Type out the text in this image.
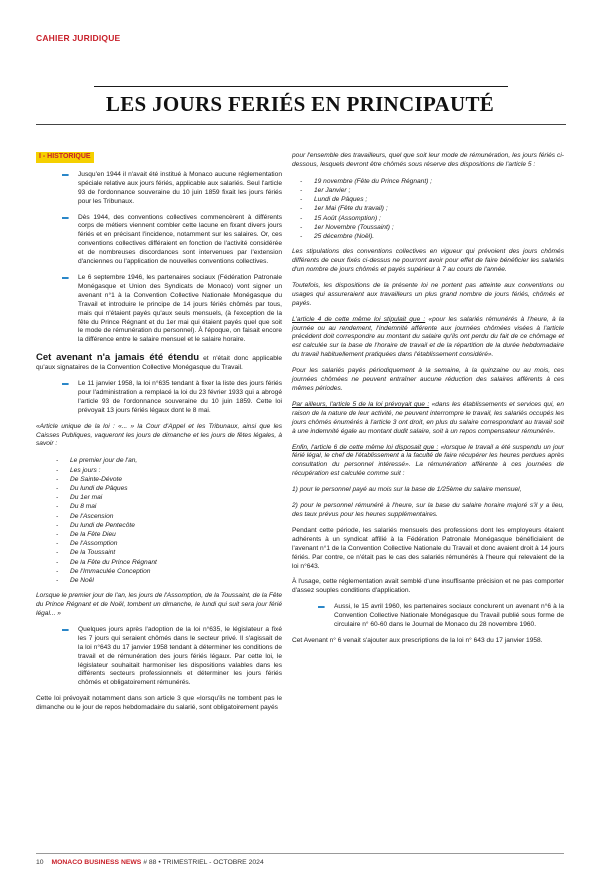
CAHIER JURIDIQUE
LES JOURS FERIÉS EN PRINCIPAUTÉ
I - HISTORIQUE
▬ Jusqu'en 1944 il n'avait été institué à Monaco aucune réglementation spéciale relative aux jours fériés, applicable aux salariés. Seul l'article 93 de l'ordonnance souveraine du 10 juin 1859 fixait les jours fériés pour les Tribunaux.
▬ Dès 1944, des conventions collectives commencèrent à différents corps de métiers viennent combler cette lacune en fixant divers jours fériés et en précisant l'incidence, notamment sur les salaires. Or, ces conventions collectives différaient en fonction de l'activité considérée et de nombreuses discordances sont intervenues par l'extension d'anciennes ou l'application de nouvelles conventions collectives.
▬ Le 6 septembre 1946, les partenaires sociaux (Fédération Patronale Monégasque et Union des Syndicats de Monaco) vont signer un avenant n°1 à la Convention Collective Nationale Monégasque du Travail et introduire le principe de 14 jours fériés chômés par tous, mais qui n'étaient payés qu'aux seuls mensuels, (à l'exception de la fête du Prince Régnant et du 1er mai qui étaient payés quel que soit le mode de rémunération du personnel). À l'époque, on faisait encore la différence entre le salaire mensuel et le salaire horaire.

Cet avenant n'a jamais été étendu et n'était donc applicable qu'aux signataires de la Convention Collective Monégasque du Travail.

▬ Le 11 janvier 1958, la loi n°635 tendant à fixer la liste des jours fériés pour l'administration a remplacé la loi du 23 février 1933 qui a abrogé l'article 93 de l'ordonnance souveraine du 10 juin 1859. Cette loi prévoyait 13 jours fériés légaux dont le 8 mai.

«Article unique de la loi : «... » la Cour d'Appel et les Tribunaux, ainsi que les Caisses Publiques, vaqueront les jours de dimanche et les jours de fêtes légales, à savoir :

- Le premier jour de l'an,
- Les jours :
- De Sainte-Dévote
- Du lundi de Pâques
- Du 1er mai
- Du 8 mai
- De l'Ascension
- Du lundi de Pentecôte
- De la Fête Dieu
- De l'Assomption
- De la Toussaint
- De la Fête du Prince Régnant
- De l'Immaculée Conception
- De Noël

Lorsque le premier jour de l'an, les jours de l'Assomption, de la Toussaint, de la Fête du Prince Régnant et de Noël, tombent un dimanche, le lundi qui suit sera jour férié légal... »

▬ Quelques jours après l'adoption de la loi n°635, le législateur a fixé les 7 jours qui seraient chômés dans le secteur privé. Il s'agissait de la loi n°643 du 17 janvier 1958 tendant à déterminer les conditions de travail et de rémunération des jours fériés légaux. Par cette loi, le législateur souhaitait harmoniser les dispositions valables dans les différents secteurs professionnels et déterminer les jours fériés chômés et obligatoirement rémunérés.

Cette loi prévoyait notamment dans son article 3 que «lorsqu'ils ne tombent pas le dimanche ou le jour de repos hebdomadaire du salarié, sont obligatoirement payés

pour l'ensemble des travailleurs, quel que soit leur mode de rémunération, les jours fériés ci-dessous, lesquels devront être chômés sous réserve des dispositions de l'article 5 :

- 19 novembre (Fête du Prince Régnant) ;
- 1er Janvier ;
- Lundi de Pâques ;
- 1er Mai (Fête du travail) ;
- 15 Août (Assomption) ;
- 1er Novembre (Toussaint) ;
- 25 décembre (Noël).

Les stipulations des conventions collectives en vigueur qui prévoient des jours chômés différents de ceux fixés ci-dessus ne pourront avoir pour effet de faire bénéficier les salariés d'un nombre de jours chômés et payés supérieur à 7 au cours de l'année.

Toutefois, les dispositions de la présente loi ne portent pas atteinte aux conventions ou usages qui assureraient aux travailleurs un plus grand nombre de jours fériés, chômés et payés.

L'article 4 de cette même loi stipulait que : «pour les salariés rémunérés à l'heure, à la journée ou au rendement, l'indemnité afférente aux journées chômées visées à l'article précédent doit correspondre au montant du salaire qu'ils ont perdu du fait de ce chômage et est calculée sur la base de l'horaire de travail et de la répartition de la durée hebdomadaire du travail habituellement pratiquées dans l'établissement considéré».

Pour les salariés payés périodiquement à la semaine, à la quinzaine ou au mois, ces journées chômées ne peuvent entraîner aucune réduction des salaires afférents à ces mêmes périodes.

Par ailleurs, l'article 5 de la loi prévoyait que : «dans les établissements et services qui, en raison de la nature de leur activité, ne peuvent interrompre le travail, les salariés occupés les jours chômés énumérés à l'article 3 ont droit, en plus du salaire correspondant au travail soit à une indemnité égale au montant dudit salaire, soit à un repos compensateur rémunéré».

Enfin, l'article 6 de cette même loi disposait que : «lorsque le travail a été suspendu un jour férié légal, le chef de l'établissement a la faculté de faire récupérer les heures perdues après consultation du personnel intéressé». La rémunération afférente à ces journées de récupération est calculée comme suit :

1) pour le personnel payé au mois sur la base de 1/25ème du salaire mensuel,

2) pour le personnel rémunéré à l'heure, sur la base du salaire horaire majoré s'il y a lieu, des taux prévus pour les heures supplémentaires.

Pendant cette période, les salariés mensuels des professions dont les employeurs étaient adhérents à un syndicat affilié à la Fédération Patronale Monégasque bénéficiaient de l'avenant n°1 de la Convention Collective Nationale du Travail et donc avaient droit à 14 jours fériés. Par contre, ce n'était pas le cas des salariés rémunérés à l'heure qui relevaient de la loi n°643.

À l'usage, cette réglementation avait semblé d'une insuffisante précision et ne pas comporter d'assez souples conditions d'application.

▬ Aussi, le 15 avril 1960, les partenaires sociaux conclurent un avenant n°6 à la Convention Collective Nationale Monégasque du Travail publié sous forme de circulaire n° 60-60 dans le Journal de Monaco du 28 novembre 1960.

Cet Avenant n° 6 venait s'ajouter aux prescriptions de la loi n° 643 du 17 janvier 1958.

10 MONACO BUSINESS NEWS # 88 • TRIMESTRIEL - OCTOBRE 2024
